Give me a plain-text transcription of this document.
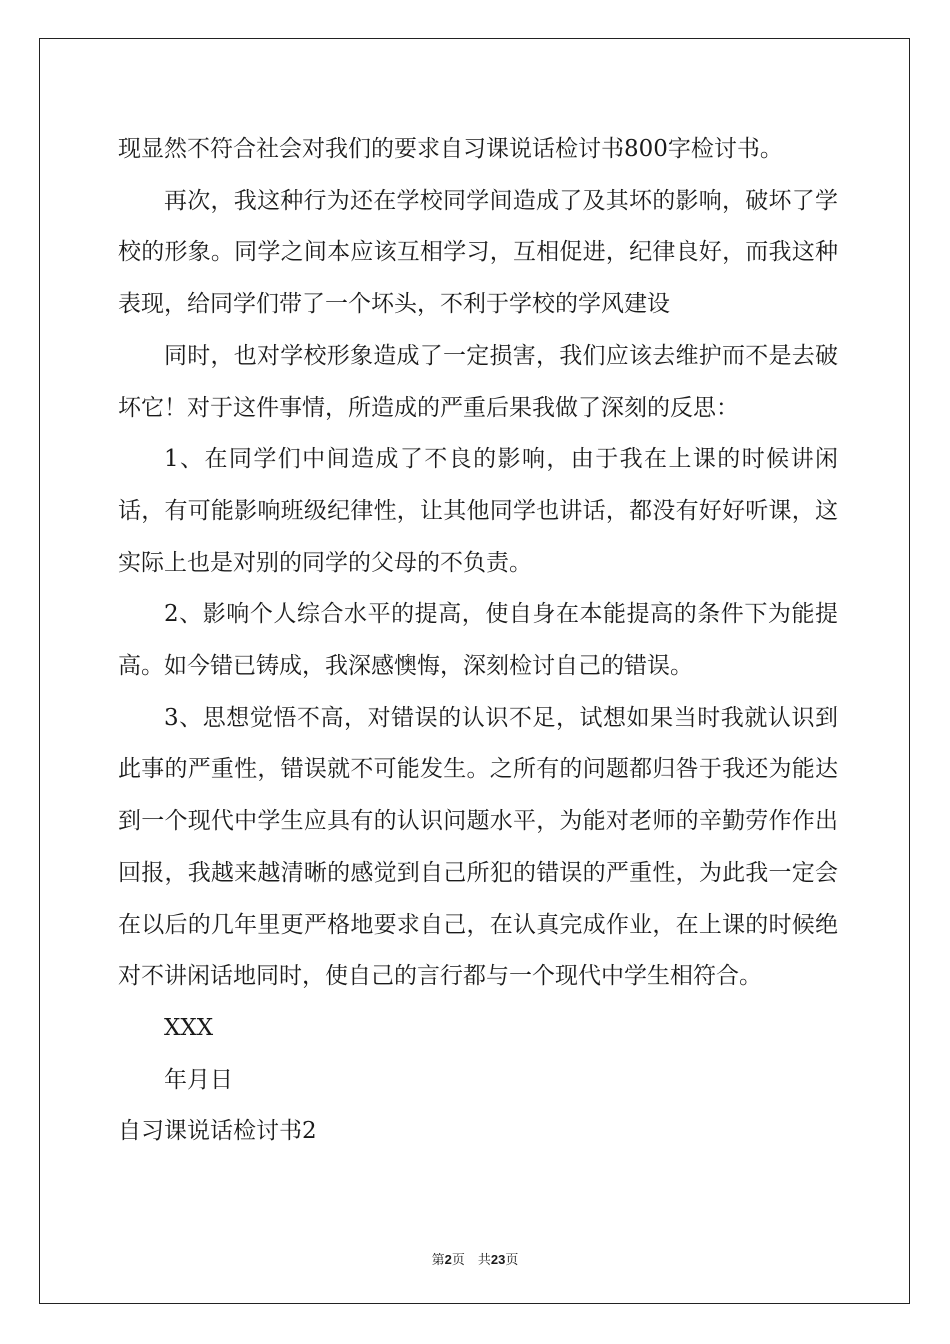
现显然不符合社会对我们的要求自习课说话检讨书800字检讨书。

再次，我这种行为还在学校同学间造成了及其坏的影响，破坏了学校的形象。同学之间本应该互相学习，互相促进，纪律良好，而我这种表现，给同学们带了一个坏头，不利于学校的学风建设

同时，也对学校形象造成了一定损害，我们应该去维护而不是去破坏它！对于这件事情，所造成的严重后果我做了深刻的反思：

1、在同学们中间造成了不良的影响，由于我在上课的时候讲闲话，有可能影响班级纪律性，让其他同学也讲话，都没有好好听课，这实际上也是对别的同学的父母的不负责。

2、影响个人综合水平的提高，使自身在本能提高的条件下为能提高。如今错已铸成，我深感懊悔，深刻检讨自己的错误。

3、思想觉悟不高，对错误的认识不足，试想如果当时我就认识到此事的严重性，错误就不可能发生。之所有的问题都归咎于我还为能达到一个现代中学生应具有的认识问题水平，为能对老师的辛勤劳作作出回报，我越来越清晰的感觉到自己所犯的错误的严重性，为此我一定会在以后的几年里更严格地要求自己，在认真完成作业，在上课的时候绝对不讲闲话地同时，使自己的言行都与一个现代中学生相符合。

XXX

年月日

自习课说话检讨书2

第2页　共23页
